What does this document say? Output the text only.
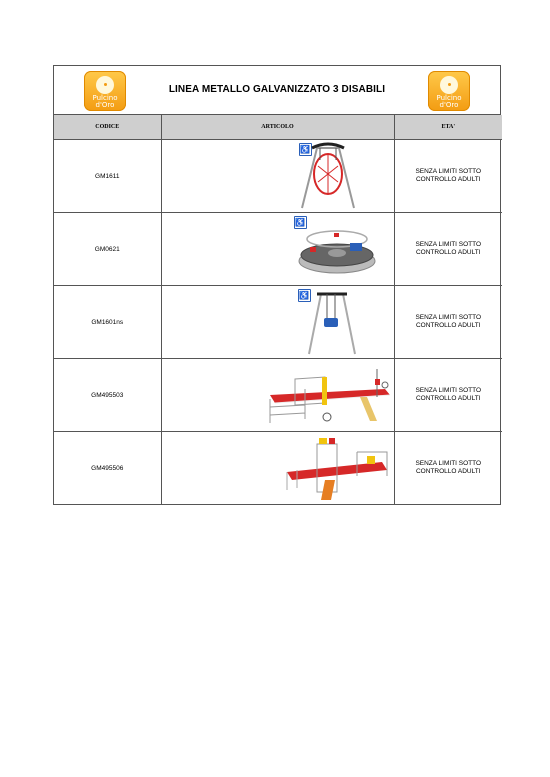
Pulcino
d'Oro
LINEA METALLO GALVANIZZATO 3 DISABILI
Pulcino
d'Oro
CODICE	ARTICOLO	ETA'
GM1611	♿	SENZA LIMITI SOTTO
CONTROLLO ADULTI

GM0621	♿	SENZA LIMITI SOTTO
CONTROLLO ADULTI

GM1601ns	♿	SENZA LIMITI SOTTO
CONTROLLO ADULTI

GM495503		SENZA LIMITI SOTTO
CONTROLLO ADULTI

GM495506		SENZA LIMITI SOTTO
CONTROLLO ADULTI
